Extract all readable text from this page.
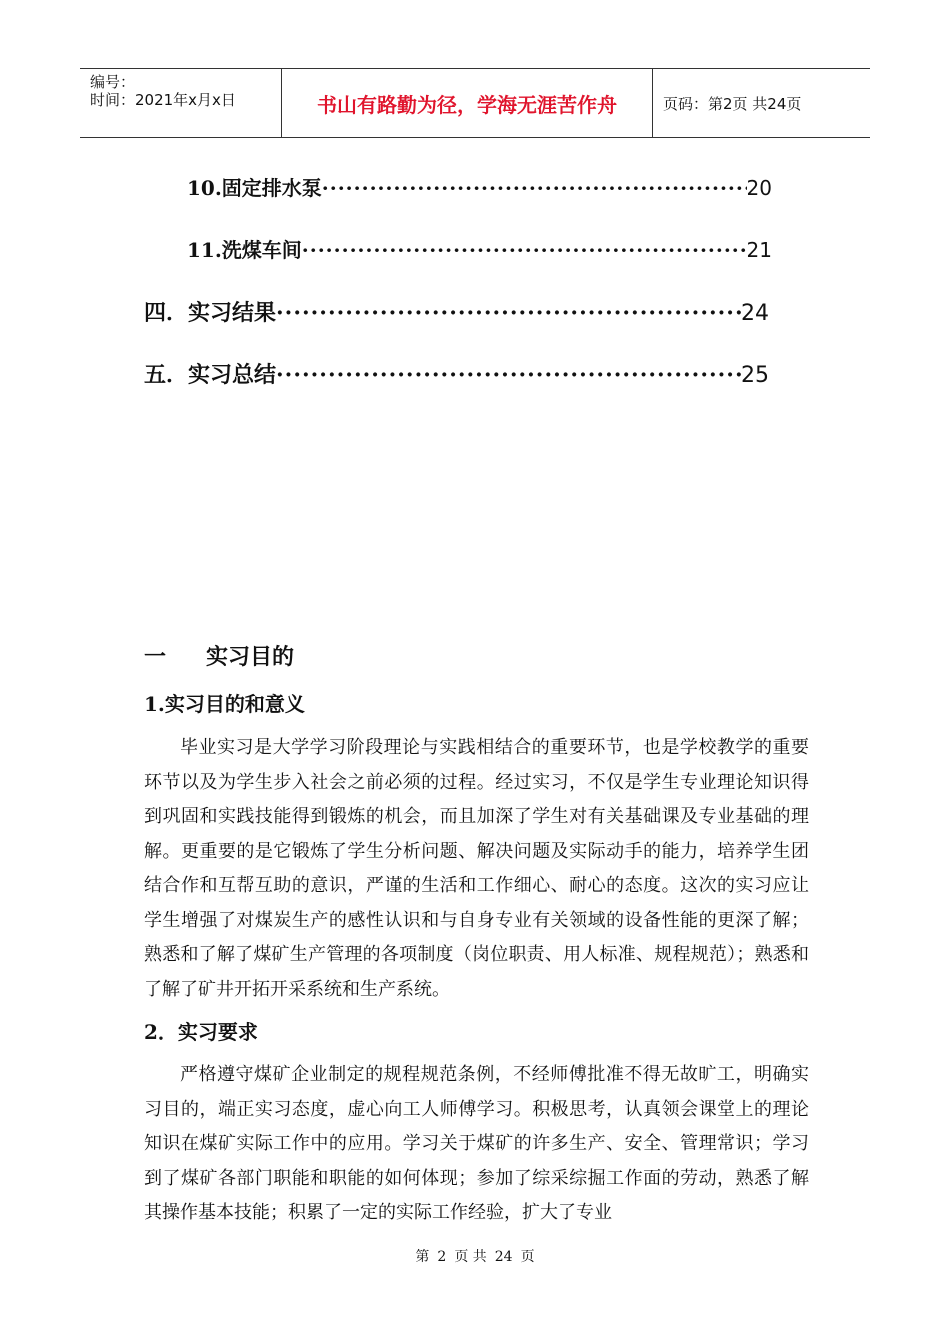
编号：
时间：2021年x月x日	书山有路勤为径，学海无涯苦作舟	页码：第2页 共24页
10.固定排水泵 ·····	20
11.洗煤车间 ·····	21
四．实习结果 ·····	24
五．实习总结 ·····	25
一 实习目的
1.实习目的和意义
毕业实习是大学学习阶段理论与实践相结合的重要环节，也是学校教学的重要环节以及为学生步入社会之前必须的过程。经过实习，不仅是学生专业理论知识得到巩固和实践技能得到锻炼的机会，而且加深了学生对有关基础课及专业基础的理解。更重要的是它锻炼了学生分析问题、解决问题及实际动手的能力，培养学生团结合作和互帮互助的意识，严谨的生活和工作细心、耐心的态度。这次的实习应让学生增强了对煤炭生产的感性认识和与自身专业有关领域的设备性能的更深了解；熟悉和了解了煤矿生产管理的各项制度（岗位职责、用人标准、规程规范）；熟悉和了解了矿井开拓开采系统和生产系统。
2．实习要求
严格遵守煤矿企业制定的规程规范条例，不经师傅批准不得无故旷工，明确实习目的，端正实习态度，虚心向工人师傅学习。积极思考，认真领会课堂上的理论知识在煤矿实际工作中的应用。学习关于煤矿的许多生产、安全、管理常识；学习到了煤矿各部门职能和职能的如何体现；参加了综采综掘工作面的劳动，熟悉了解其操作基本技能；积累了一定的实际工作经验，扩大了专业
第 2 页 共 24 页
